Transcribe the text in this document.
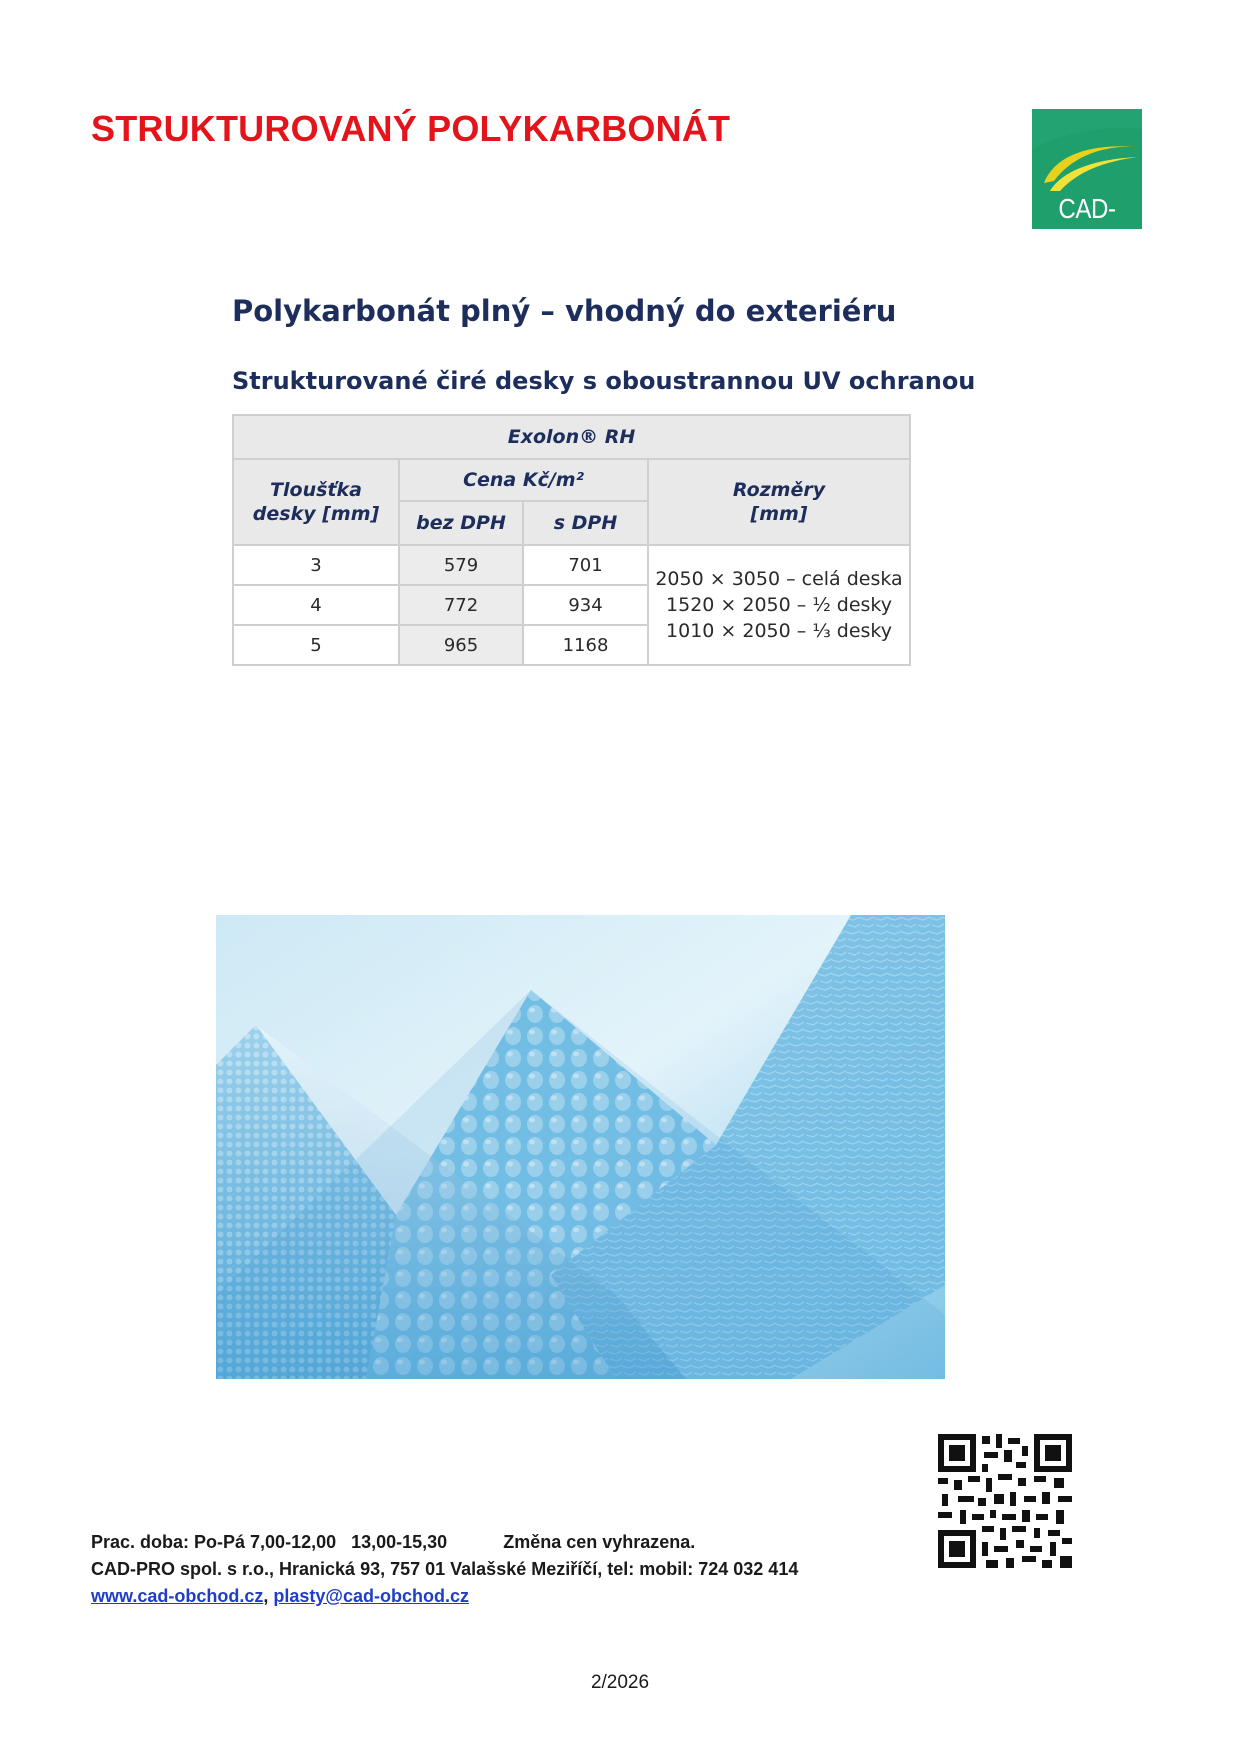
STRUKTUROVANÝ POLYKARBONÁT
CAD-PRO
Polykarbonát plný – vhodný do exteriéru
Strukturované čiré desky s oboustrannou UV ochranou
Exolon® RH			
Tloušťka desky [mm]	Cena Kč/m²		Rozměry [mm]
	bez DPH	s DPH	
3	579	701	2050 × 3050 – celá deska
1520 × 2050 – ½ desky
1010 × 2050 – ⅓ desky

4	772	934	
5	965	1168	

Prac. doba: Po-Pá 7,00-12,00   13,00-15,30	Změna cen vyhrazena.

CAD-PRO spol. s r.o., Hranická 93, 757 01 Valašské Meziříčí, tel: mobil: 724 032 414

www.cad-obchod.cz, plasty@cad-obchod.cz

2/2026
